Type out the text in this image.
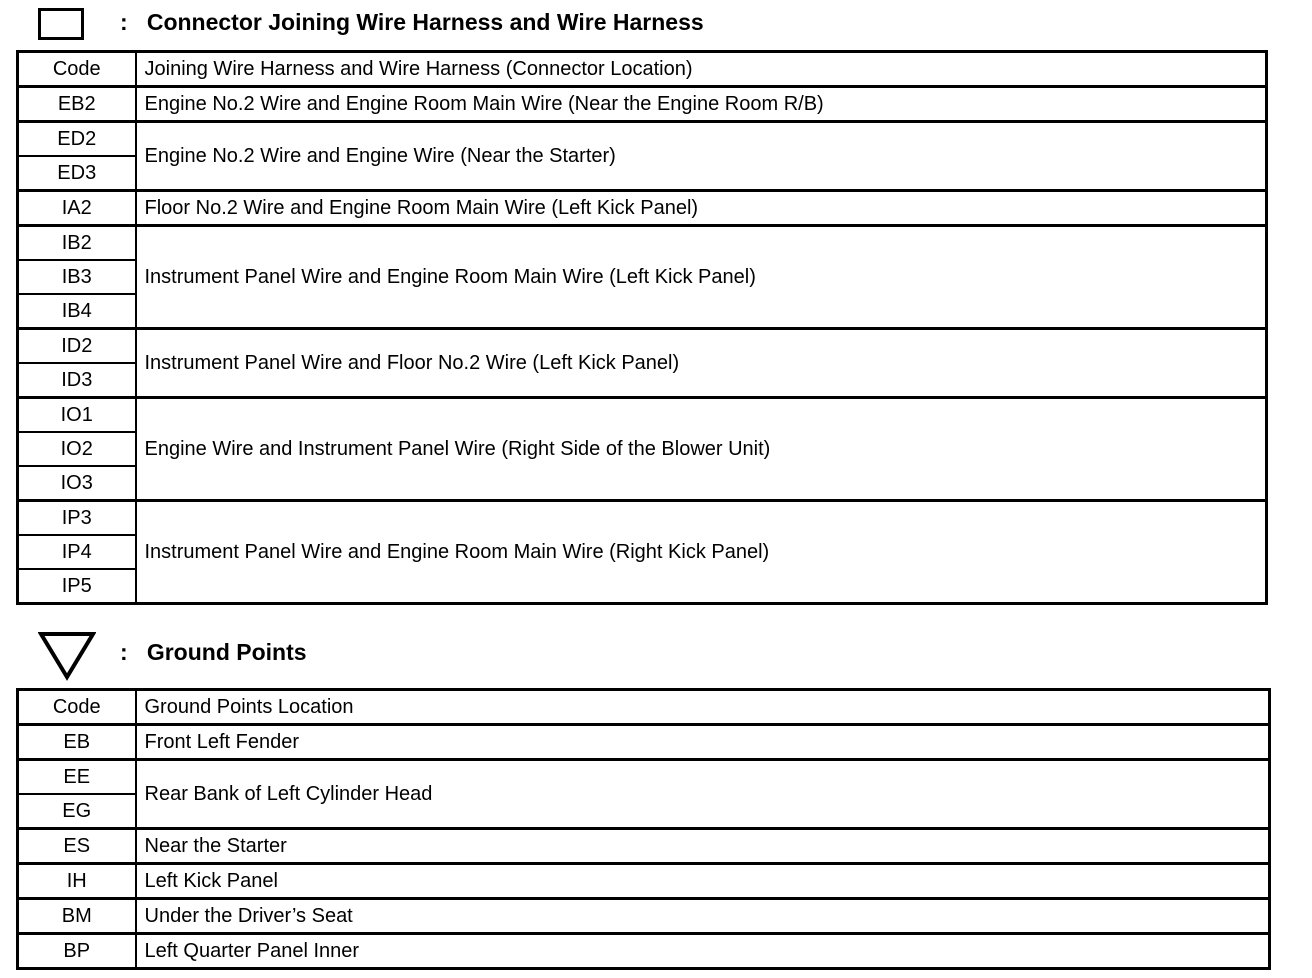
: Connector Joining Wire Harness and Wire Harness
Code	Joining Wire Harness and Wire Harness (Connector Location)
EB2	Engine No.2 Wire and Engine Room Main Wire (Near the Engine Room R/B)
ED2	Engine No.2 Wire and Engine Wire (Near the Starter)
ED3	
IA2	Floor No.2 Wire and Engine Room Main Wire (Left Kick Panel)
IB2	Instrument Panel Wire and Engine Room Main Wire (Left Kick Panel)
IB3	
IB4	
ID2	Instrument Panel Wire and Floor No.2 Wire (Left Kick Panel)
ID3	
IO1	Engine Wire and Instrument Panel Wire (Right Side of the Blower Unit)
IO2	
IO3	
IP3	Instrument Panel Wire and Engine Room Main Wire (Right Kick Panel)
IP4	
IP5	
: Ground Points
Code	Ground Points Location
EB	Front Left Fender
EE	Rear Bank of Left Cylinder Head
EG	
ES	Near the Starter
IH	Left Kick Panel
BM	Under the Driver’s Seat
BP	Left Quarter Panel Inner
